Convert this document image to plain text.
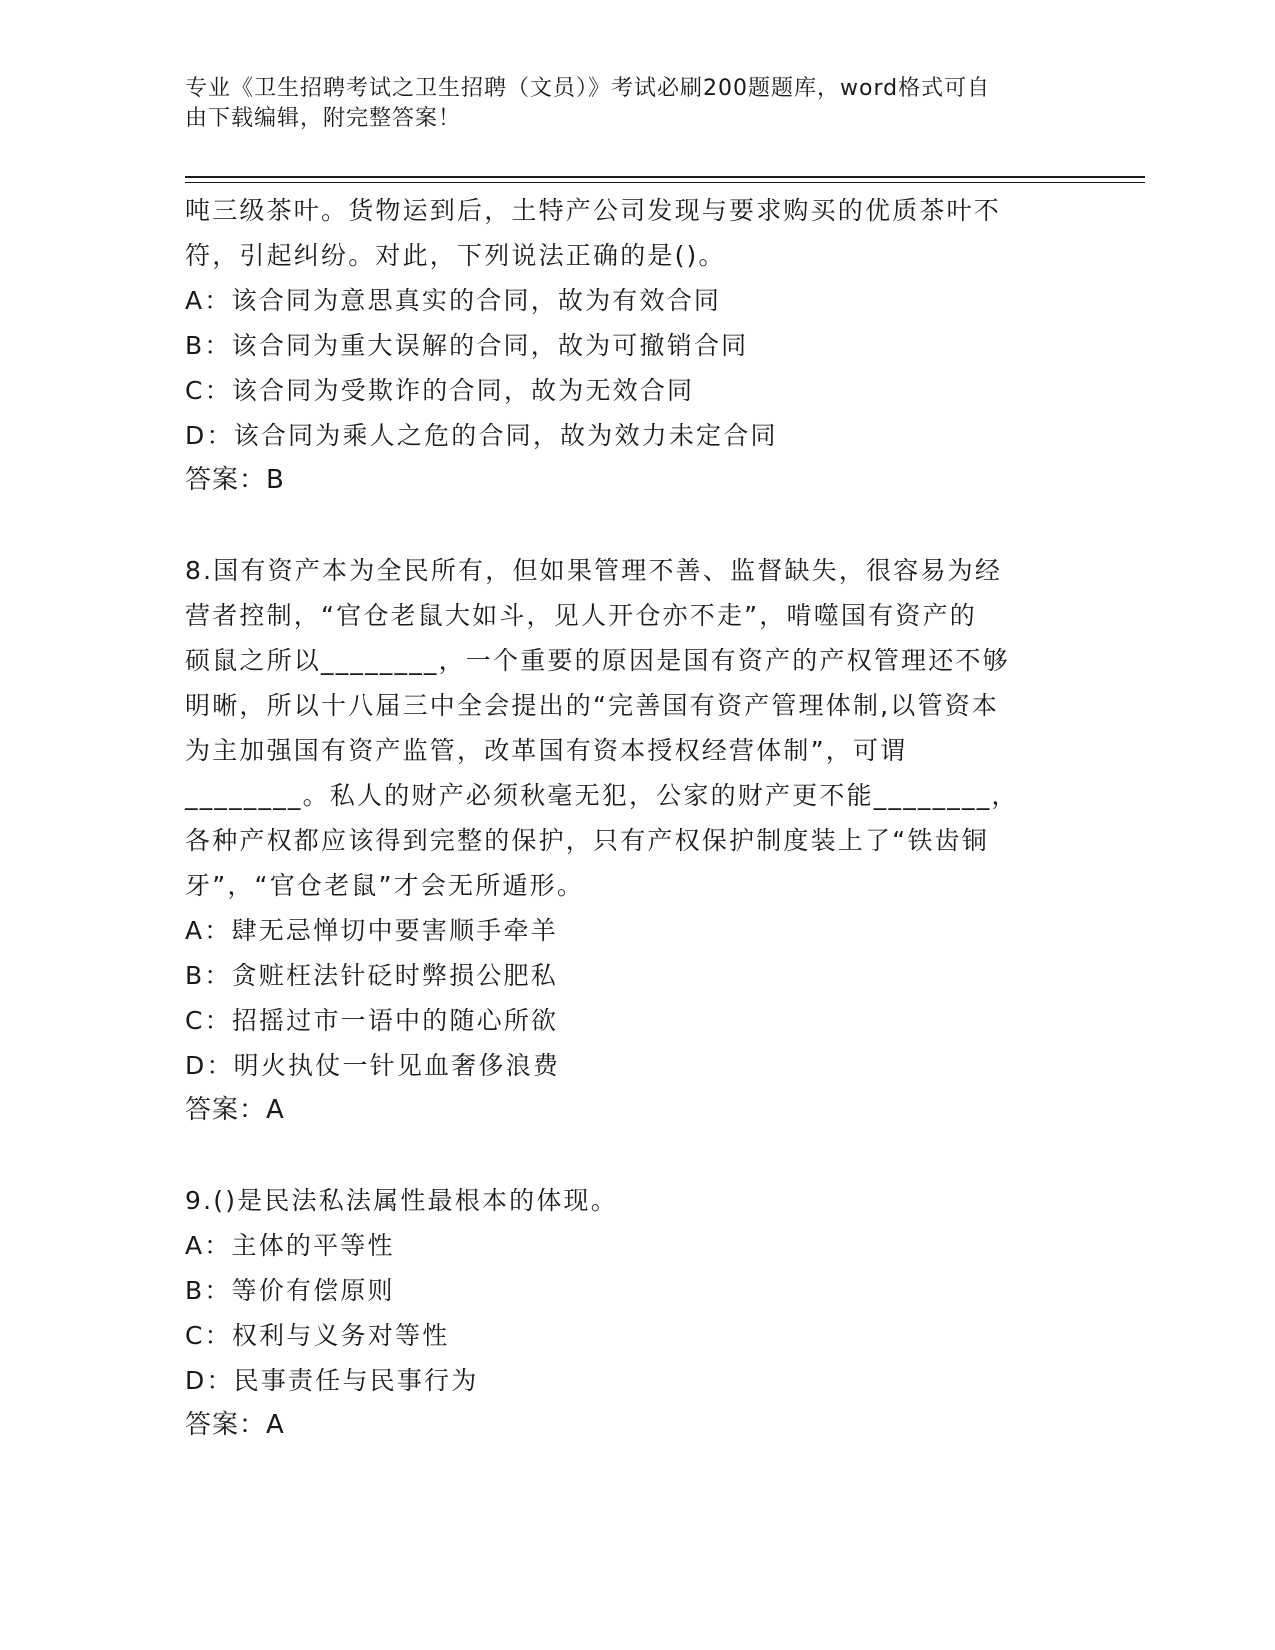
专业《卫生招聘考试之卫生招聘（文员）》考试必刷200题题库，word格式可自
由下载编辑，附完整答案！
吨三级茶叶。货物运到后，土特产公司发现与要求购买的优质茶叶不
符，引起纠纷。对此，下列说法正确的是()。
A：该合同为意思真实的合同，故为有效合同
B：该合同为重大误解的合同，故为可撤销合同
C：该合同为受欺诈的合同，故为无效合同
D：该合同为乘人之危的合同，故为效力未定合同
答案：B
8.国有资产本为全民所有，但如果管理不善、监督缺失，很容易为经
营者控制，“官仓老鼠大如斗，见人开仓亦不走”，啃噬国有资产的
硕鼠之所以________，一个重要的原因是国有资产的产权管理还不够
明晰，所以十八届三中全会提出的“完善国有资产管理体制,以管资本
为主加强国有资产监管，改革国有资本授权经营体制”，可谓
________。私人的财产必须秋毫无犯，公家的财产更不能________，
各种产权都应该得到完整的保护，只有产权保护制度装上了“铁齿铜
牙”，“官仓老鼠”才会无所遁形。
A：肆无忌惮切中要害顺手牵羊
B：贪赃枉法针砭时弊损公肥私
C：招摇过市一语中的随心所欲
D：明火执仗一针见血奢侈浪费
答案：A
9.()是民法私法属性最根本的体现。
A：主体的平等性
B：等价有偿原则
C：权利与义务对等性
D：民事责任与民事行为
答案：A
